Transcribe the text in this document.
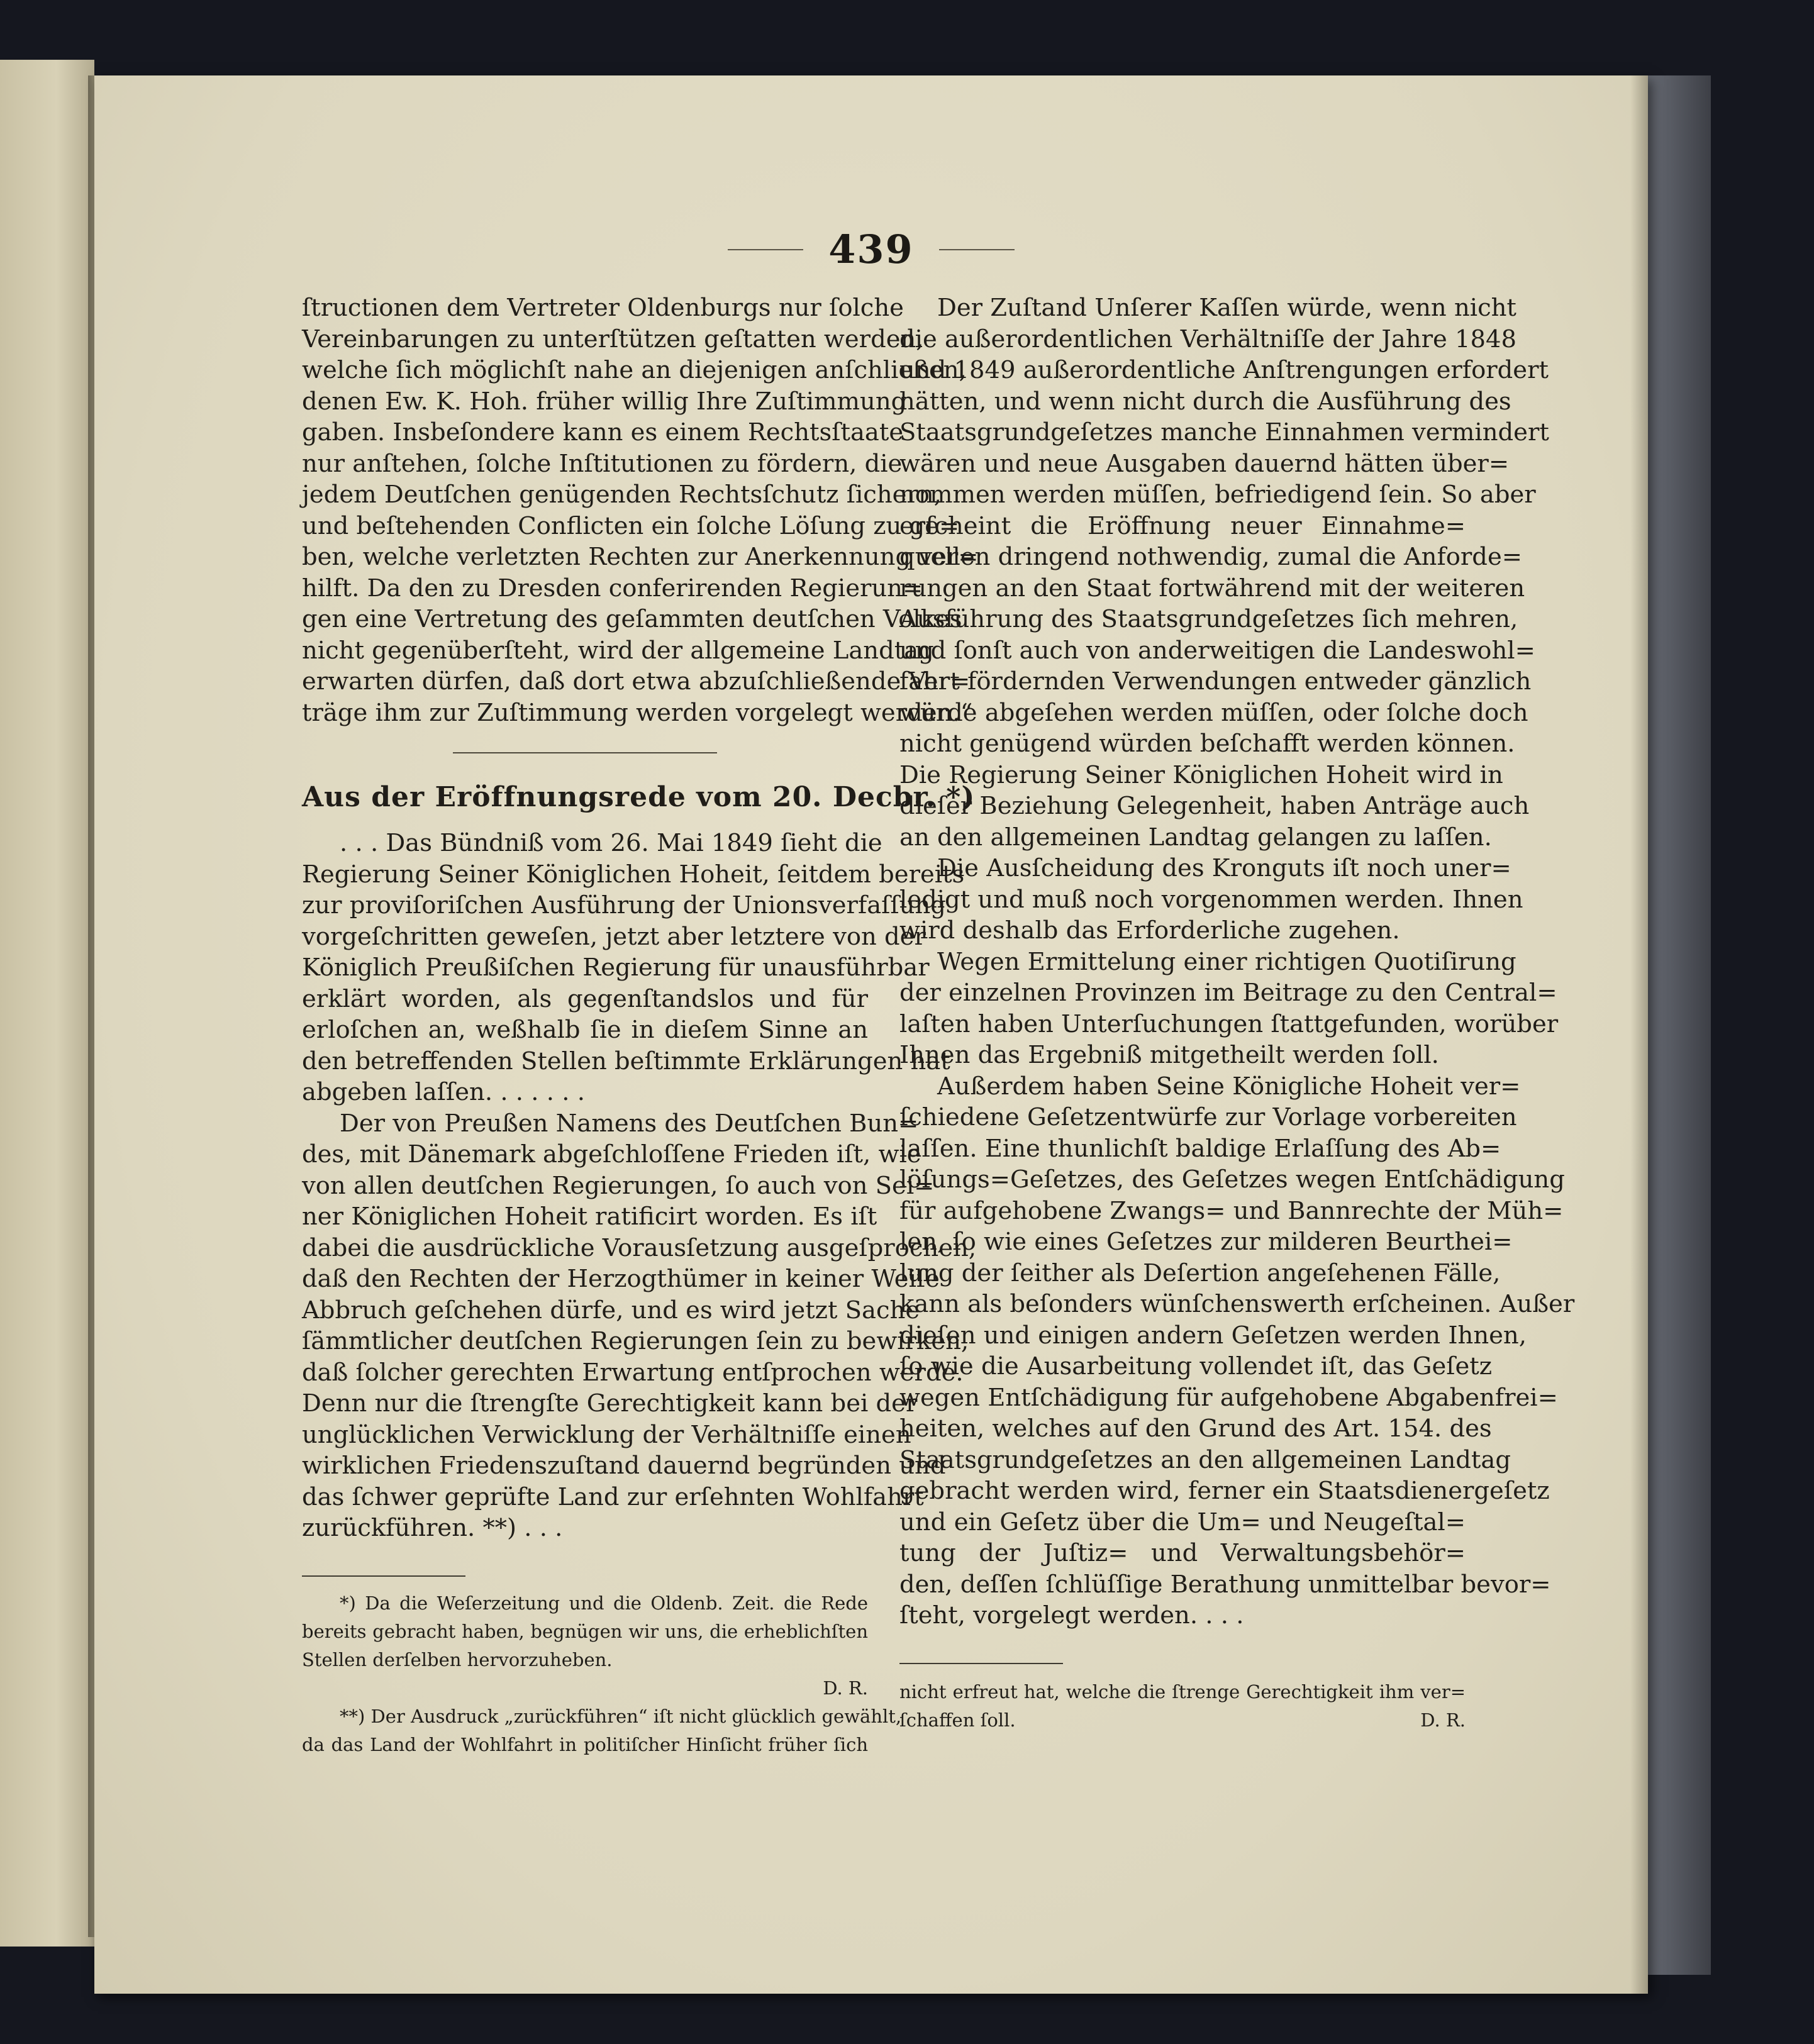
439
ſtructionen dem Vertreter Oldenburgs nur ſolche
Vereinbarungen zu unterſtützen geſtatten werden,
welche ſich möglichſt nahe an diejenigen anſchließen,
denen Ew. K. Hoh. früher willig Ihre Zuſtimmung
gaben. Insbeſondere kann es einem Rechtsſtaate
nur anſtehen, ſolche Inſtitutionen zu fördern, die
jedem Deutſchen genügenden Rechtsſchutz ſichern,
und beſtehenden Conflicten ein ſolche Löſung zu ge=
ben, welche verletzten Rechten zur Anerkennung ver=
hilft. Da den zu Dresden conferirenden Regierun=
gen eine Vertretung des geſammten deutſchen Volkes
nicht gegenüberſteht, wird der allgemeine Landtag
erwarten dürfen, daß dort etwa abzuſchließende Ver=
träge ihm zur Zuſtimmung werden vorgelegt werden.“
Aus der Eröffnungsrede vom 20. Decbr. *)
. . . Das Bündniß vom 26. Mai 1849 ſieht die
Regierung Seiner Königlichen Hoheit, ſeitdem bereits
zur proviſoriſchen Ausführung der Unionsverfaſſung
vorgeſchritten geweſen, jetzt aber letztere von der
Königlich Preußiſchen Regierung für unausführbar
erklärt worden, als gegenſtandslos und für
erloſchen an, weßhalb ſie in dieſem Sinne an
den betreffenden Stellen beſtimmte Erklärungen hat
abgeben laſſen. . . . . . .
Der von Preußen Namens des Deutſchen Bun=
des, mit Dänemark abgeſchloſſene Frieden iſt, wie
von allen deutſchen Regierungen, ſo auch von Sei=
ner Königlichen Hoheit ratificirt worden. Es iſt
dabei die ausdrückliche Vorausſetzung ausgeſprochen,
daß den Rechten der Herzogthümer in keiner Weiſe
Abbruch geſchehen dürfe, und es wird jetzt Sache
ſämmtlicher deutſchen Regierungen ſein zu bewirken,
daß ſolcher gerechten Erwartung entſprochen werde.
Denn nur die ſtrengſte Gerechtigkeit kann bei der
unglücklichen Verwicklung der Verhältniſſe einen
wirklichen Friedenszuſtand dauernd begründen und
das ſchwer geprüfte Land zur erſehnten Wohlfahrt
zurückführen. **) . . .
*) Da die Weſerzeitung und die Oldenb. Zeit. die Rede
bereits gebracht haben, begnügen wir uns, die erheblichſten
Stellen derſelben hervorzuheben.
D. R.
**) Der Ausdruck „zurückführen“ iſt nicht glücklich gewählt,
da das Land der Wohlfahrt in politiſcher Hinſicht früher ſich
Der Zuſtand Unſerer Kaſſen würde, wenn nicht
die außerordentlichen Verhältniſſe der Jahre 1848
und 1849 außerordentliche Anſtrengungen erfordert
hätten, und wenn nicht durch die Ausführung des
Staatsgrundgeſetzes manche Einnahmen vermindert
wären und neue Ausgaben dauernd hätten über=
nommen werden müſſen, befriedigend ſein. So aber
erſcheint die Eröffnung neuer Einnahme=
quellen dringend nothwendig, zumal die Anforde=
rungen an den Staat fortwährend mit der weiteren
Ausführung des Staatsgrundgeſetzes ſich mehren,
und ſonſt auch von anderweitigen die Landeswohl=
fahrt fördernden Verwendungen entweder gänzlich
würde abgeſehen werden müſſen, oder ſolche doch
nicht genügend würden beſchafft werden können.
Die Regierung Seiner Königlichen Hoheit wird in
dieſer Beziehung Gelegenheit, haben Anträge auch
an den allgemeinen Landtag gelangen zu laſſen.
Die Ausſcheidung des Kronguts iſt noch uner=
ledigt und muß noch vorgenommen werden. Ihnen
wird deshalb das Erforderliche zugehen.
Wegen Ermittelung einer richtigen Quotiſirung
der einzelnen Provinzen im Beitrage zu den Central=
laſten haben Unterſuchungen ſtattgefunden, worüber
Ihnen das Ergebniß mitgetheilt werden ſoll.
Außerdem haben Seine Königliche Hoheit ver=
ſchiedene Geſetzentwürfe zur Vorlage vorbereiten
laſſen. Eine thunlichſt baldige Erlaſſung des Ab=
löſungs=Geſetzes, des Geſetzes wegen Entſchädigung
für aufgehobene Zwangs= und Bannrechte der Müh=
len, ſo wie eines Geſetzes zur milderen Beurthei=
lung der ſeither als Deſertion angeſehenen Fälle,
kann als beſonders wünſchenswerth erſcheinen. Außer
dieſen und einigen andern Geſetzen werden Ihnen,
ſo wie die Ausarbeitung vollendet iſt, das Geſetz
wegen Entſchädigung für aufgehobene Abgabenfrei=
heiten, welches auf den Grund des Art. 154. des
Staatsgrundgeſetzes an den allgemeinen Landtag
gebracht werden wird, ferner ein Staatsdienergeſetz
und ein Geſetz über die Um= und Neugeſtal=
tung der Juſtiz= und Verwaltungsbehör=
den, deſſen ſchlüſſige Berathung unmittelbar bevor=
ſteht, vorgelegt werden. . . .
nicht erfreut hat, welche die ſtrenge Gerechtigkeit ihm ver=
ſchaffen ſoll.	D. R.
